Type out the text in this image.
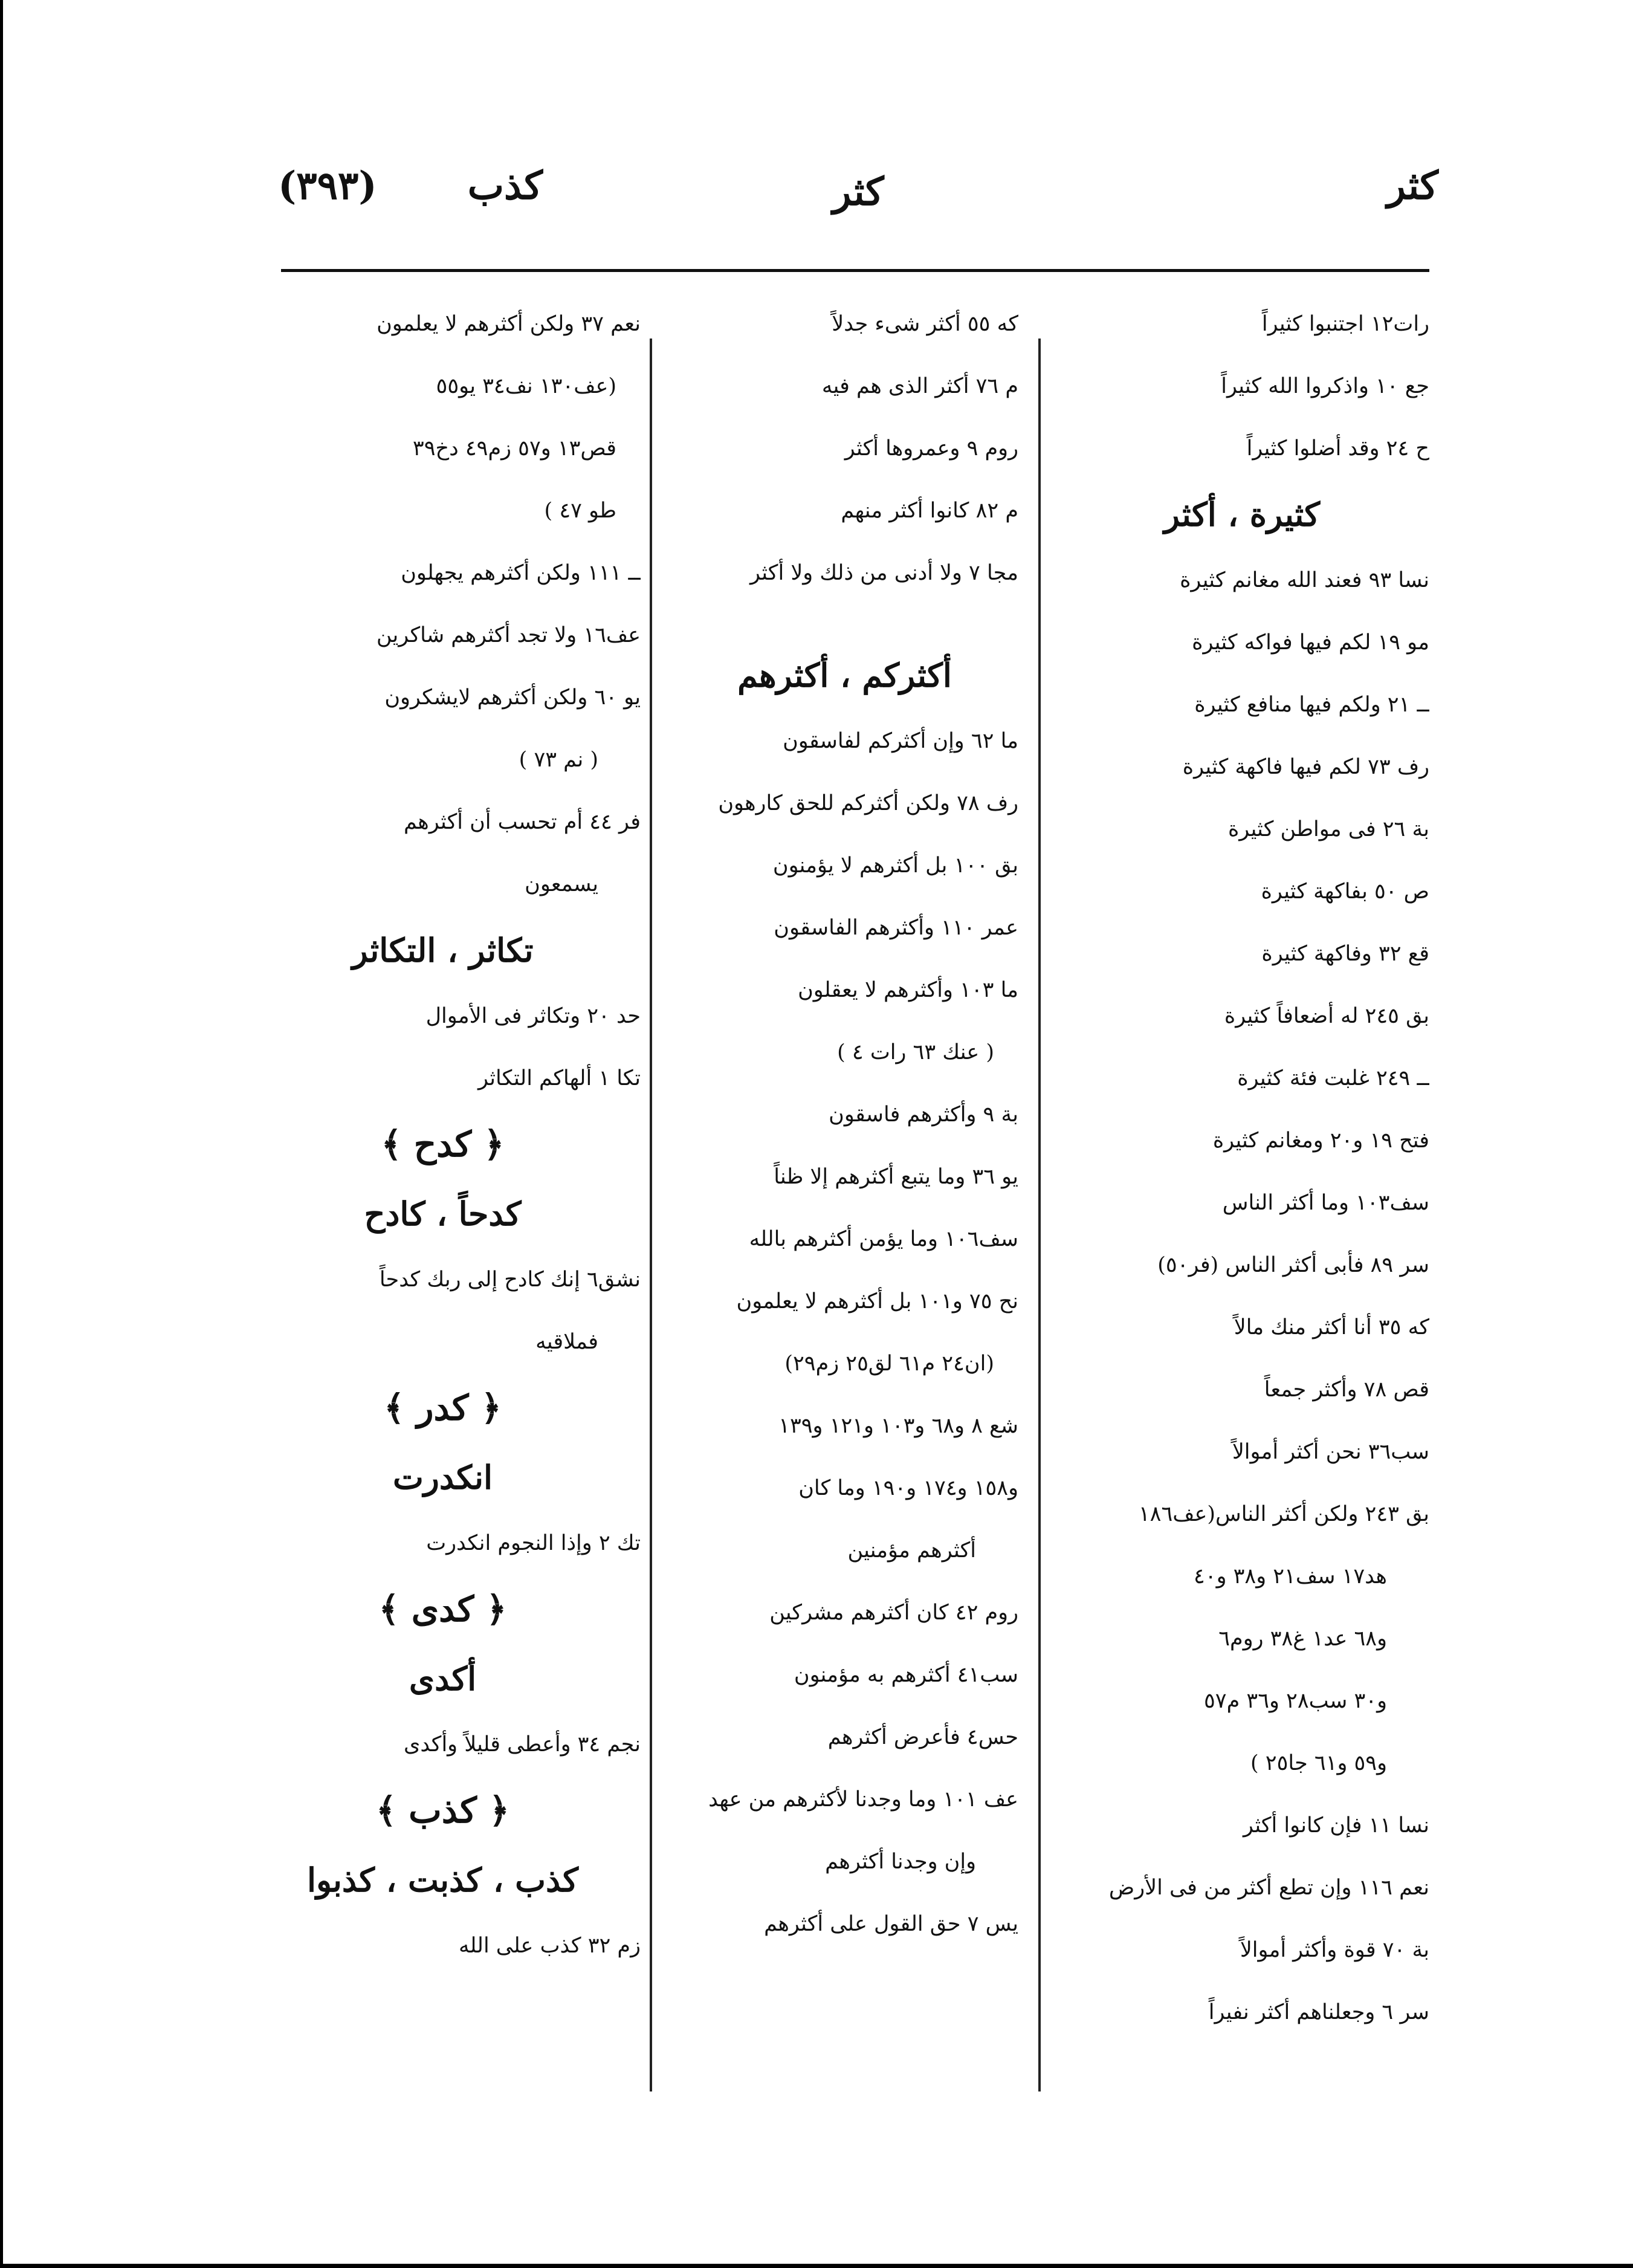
كثر
كثر
كذب(٣٩٣)
رات١٢ اجتنبوا كثيراً
جع ١٠ واذكروا الله كثيراً
ح ٢٤ وقد أضلوا كثيراً
كثيرة ، أكثر
نسا ٩٣ فعند الله مغانم كثيرة
مو ١٩ لكم فيها فواكه كثيرة
ــ ٢١ ولكم فيها منافع كثيرة
رف ٧٣ لكم فيها فاكهة كثيرة
بة ٢٦ فى مواطن كثيرة
ص ٥٠ بفاكهة كثيرة
قع ٣٢ وفاكهة كثيرة
بق ٢٤٥ له أضعافاً كثيرة
ــ ٢٤٩ غلبت فئة كثيرة
فتح ١٩ و٢٠ ومغانم كثيرة
سف١٠٣ وما أكثر الناس
سر ٨٩ فأبى أكثر الناس (فر٥٠)
كه ٣٥ أنا أكثر منك مالاً
قص ٧٨ وأكثر جمعاً
سب٣٦ نحن أكثر أموالاً
بق ٢٤٣ ولكن أكثر الناس(عف١٨٦
هد١٧ سف٢١ و٣٨ و٤٠
و٦٨ عد١ غ٣٨ روم٦
و٣٠ سب٢٨ و٣٦ م٥٧
و٥٩ و٦١ جا٢٥ )
نسا ١١ فإن كانوا أكثر
نعم ١١٦ وإن تطع أكثر من فى الأرض
بة ٧٠ قوة وأكثر أموالاً
سر ٦ وجعلناهم أكثر نفيراً
كه ٥٥ أكثر شىء جدلاً
م ٧٦ أكثر الذى هم فيه
روم ٩ وعمروها أكثر
م ٨٢ كانوا أكثر منهم
مجا ٧ ولا أدنى من ذلك ولا أكثر
أكثركم ، أكثرهم
ما ٦٢ وإن أكثركم لفاسقون
رف ٧٨ ولكن أكثركم للحق كارهون
بق ١٠٠ بل أكثرهم لا يؤمنون
عمر ١١٠ وأكثرهم الفاسقون
ما ١٠٣ وأكثرهم لا يعقلون
( عنك ٦٣ رات ٤ )
بة ٩ وأكثرهم فاسقون
يو ٣٦ وما يتبع أكثرهم إلا ظناً
سف١٠٦ وما يؤمن أكثرهم بالله
نح ٧٥ و١٠١ بل أكثرهم لا يعلمون
(ان٢٤ م٦١ لق٢٥ زم٢٩)
شع ٨ و٦٨ و١٠٣ و١٢١ و١٣٩
و١٥٨ و١٧٤ و١٩٠ وما كان
أكثرهم مؤمنين
روم ٤٢ كان أكثرهم مشركين
سب٤١ أكثرهم به مؤمنون
حس٤ فأعرض أكثرهم
عف ١٠١ وما وجدنا لأكثرهم من عهد
وإن وجدنا أكثرهم
يس ٧ حق القول على أكثرهم
نعم ٣٧ ولكن أكثرهم لا يعلمون
(عف١٣٠ نف٣٤ يو٥٥
قص١٣ و٥٧ زم٤٩ دخ٣٩
طو ٤٧ )
ــ ١١١ ولكن أكثرهم يجهلون
عف١٦ ولا تجد أكثرهم شاكرين
يو ٦٠ ولكن أكثرهم لايشكرون
( نم ٧٣ )
فر ٤٤ أم تحسب أن أكثرهم
يسمعون
تكاثر ، التكاثر
حد ٢٠ وتكاثر فى الأموال
تكا ١ ألهاكم التكاثر
﴿ كدح ﴾
كدحاً ، كادح
نشق٦ إنك كادح إلى ربك كدحاً
فملاقيه
﴿ كدر ﴾
انكدرت
تك ٢ وإذا النجوم انكدرت
﴿ كدى ﴾
أكدى
نجم ٣٤ وأعطى قليلاً وأكدى
﴿ كذب ﴾
كذب ، كذبت ، كذبوا
زم ٣٢ كذب على الله
